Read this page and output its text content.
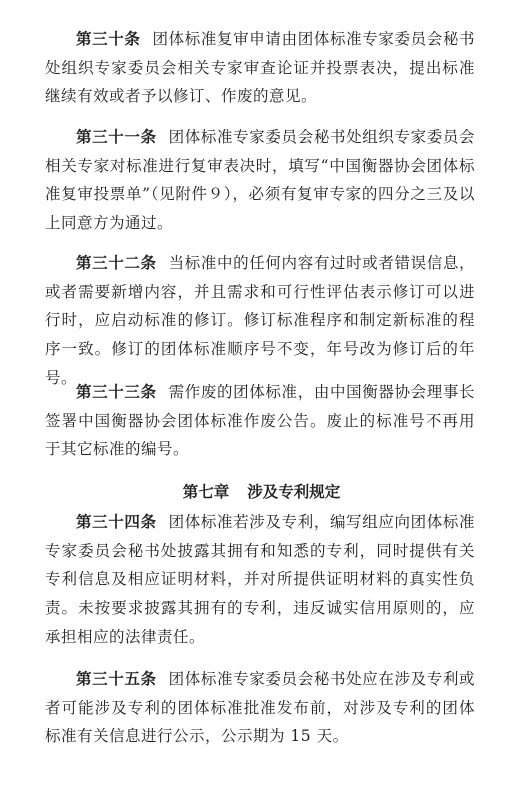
第三十条 团体标准复审申请由团体标准专家委员会秘书处组织专家委员会相关专家审查论证并投票表决，提出标准继续有效或者予以修订、作废的意见。

第三十一条 团体标准专家委员会秘书处组织专家委员会相关专家对标准进行复审表决时，填写“中国衡器协会团体标准复审投票单”（见附件９），必须有复审专家的四分之三及以上同意方为通过。

第三十二条 当标准中的任何内容有过时或者错误信息，或者需要新增内容，并且需求和可行性评估表示修订可以进行时，应启动标准的修订。修订标准程序和制定新标准的程序一致。修订的团体标准顺序号不变，年号改为修订后的年号。

第三十三条 需作废的团体标准，由中国衡器协会理事长签署中国衡器协会团体标准作废公告。废止的标准号不再用于其它标准的编号。

第七章 涉及专利规定

第三十四条 团体标准若涉及专利，编写组应向团体标准专家委员会秘书处披露其拥有和知悉的专利，同时提供有关专利信息及相应证明材料，并对所提供证明材料的真实性负责。未按要求披露其拥有的专利，违反诚实信用原则的，应承担相应的法律责任。

第三十五条 团体标准专家委员会秘书处应在涉及专利或者可能涉及专利的团体标准批准发布前，对涉及专利的团体标准有关信息进行公示，公示期为 15 天。
